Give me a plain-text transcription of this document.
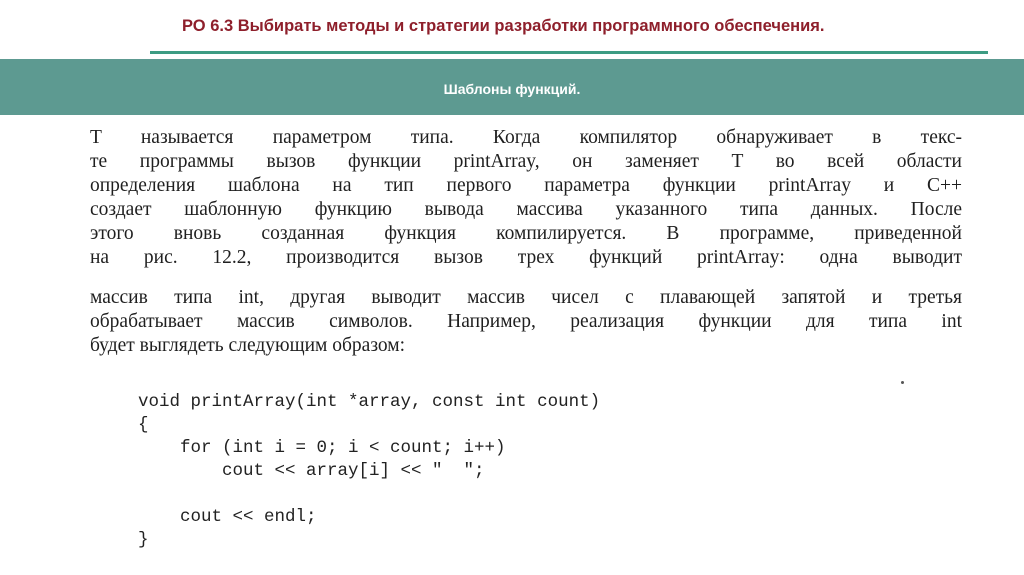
РО 6.3 Выбирать методы и стратегии разработки программного обеспечения.
Шаблоны функций.
T называется параметром типа. Когда компилятор обнаруживает в текс-
те программы вызов функции printArray, он заменяет T во всей области
определения шаблона на тип первого параметра функции printArray и C++
создает шаблонную функцию вывода массива указанного типа данных. После
этого вновь созданная функция компилируется. В программе, приведенной
на рис. 12.2, производится вызов трех функций printArray: одна выводит
массив типа int, другая выводит массив чисел с плавающей запятой и третья
обрабатывает массив символов. Например, реализация функции для типа int
будет выглядеть следующим образом:

void printArray(int *array, const int count)

{

for (int i = 0; i < count; i++)

cout << array[i] << "  ";

cout << endl;

}
